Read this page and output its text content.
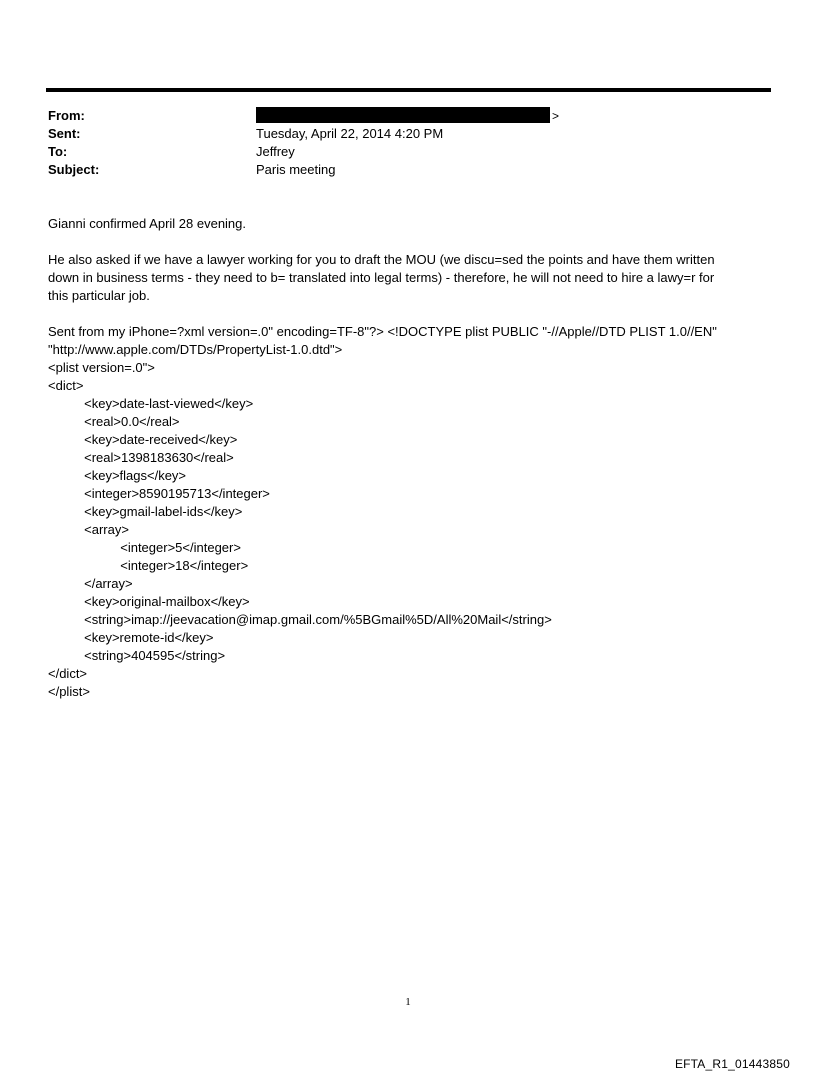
From:	>
Sent:	Tuesday, April 22, 2014 4:20 PM
To:	Jeffrey
Subject:	Paris meeting

Gianni confirmed April 28 evening.

He also asked if we have a lawyer working for you to draft the MOU (we discu=sed the points and have them written

down in business terms - they need to b= translated into legal terms) - therefore, he will not need to hire a lawy=r for

this particular job.

Sent from my iPhone=?xml version=.0" encoding=TF-8"?> <!DOCTYPE plist PUBLIC "-//Apple//DTD PLIST 1.0//EN"

"http://www.apple.com/DTDs/PropertyList-1.0.dtd">

<plist version=.0">
<dict>
<key>date-last-viewed</key>
<real>0.0</real>
<key>date-received</key>
<real>1398183630</real>
<key>flags</key>
<integer>8590195713</integer>
<key>gmail-label-ids</key>
<array>
<integer>5</integer>
<integer>18</integer>
</array>
<key>original-mailbox</key>
<string>imap://jeevacation@imap.gmail.com/%5BGmail%5D/All%20Mail</string>
<key>remote-id</key>
<string>404595</string>
</dict>
</plist>
1
EFTA_R1_01443850
